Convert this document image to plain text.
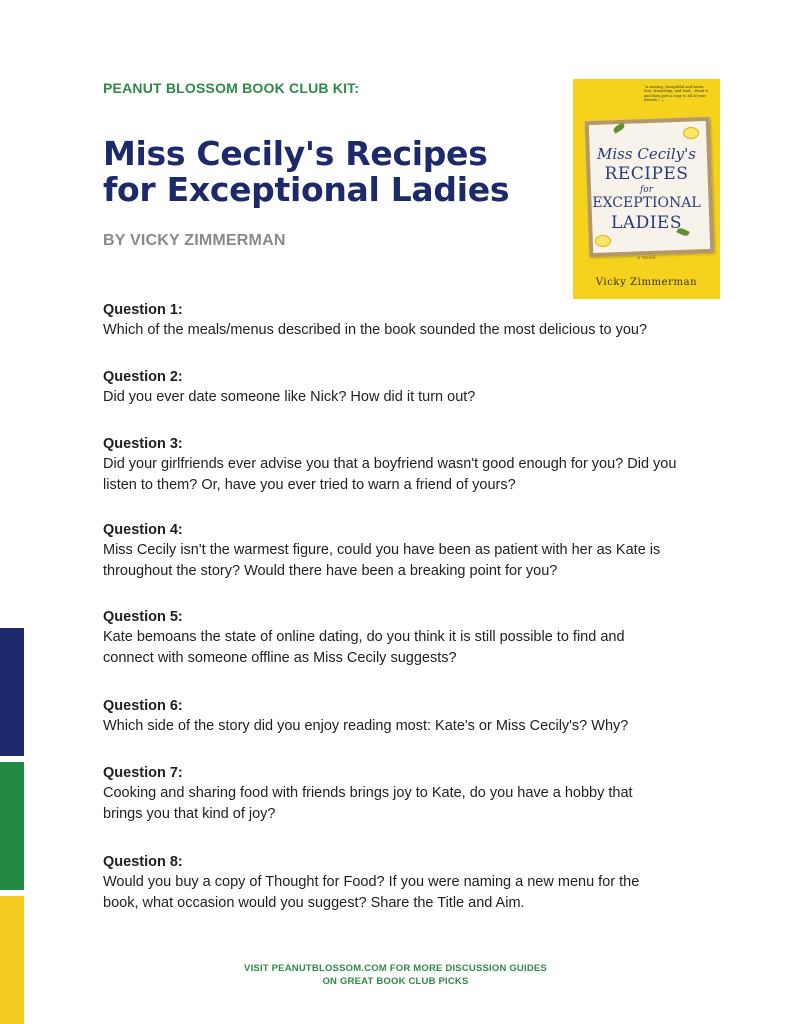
PEANUT BLOSSOM BOOK CLUB KIT:
Miss Cecily's Recipes
for Exceptional Ladies
BY VICKY ZIMMERMAN
"A moving, thoughtful and warm love, friendship, and food... Read it and then give a copy to all of your friends." —
Miss Cecily's
RECIPES
for
EXCEPTIONAL
LADIES
a novel
Vicky Zimmerman
Question 1:
Which of the meals/menus described in the book sounded the most delicious to you?
Question 2:
Did you ever date someone like Nick? How did it turn out?
Question 3:
Did your girlfriends ever advise you that a boyfriend wasn't good enough for you? Did you
listen to them? Or, have you ever tried to warn a friend of yours?
Question 4:
Miss Cecily isn't the warmest figure, could you have been as patient with her as Kate is
throughout the story? Would there have been a breaking point for you?
Question 5:
Kate bemoans the state of online dating, do you think it is still possible to find and
connect with someone offline as Miss Cecily suggests?
Question 6:
Which side of the story did you enjoy reading most: Kate's or Miss Cecily's? Why?
Question 7:
Cooking and sharing food with friends brings joy to Kate, do you have a hobby that
brings you that kind of joy?
Question 8:
Would you buy a copy of Thought for Food? If you were naming a new menu for the
book, what occasion would you suggest? Share the Title and Aim.
VISIT PEANUTBLOSSOM.COM FOR MORE DISCUSSION GUIDES
ON GREAT BOOK CLUB PICKS
